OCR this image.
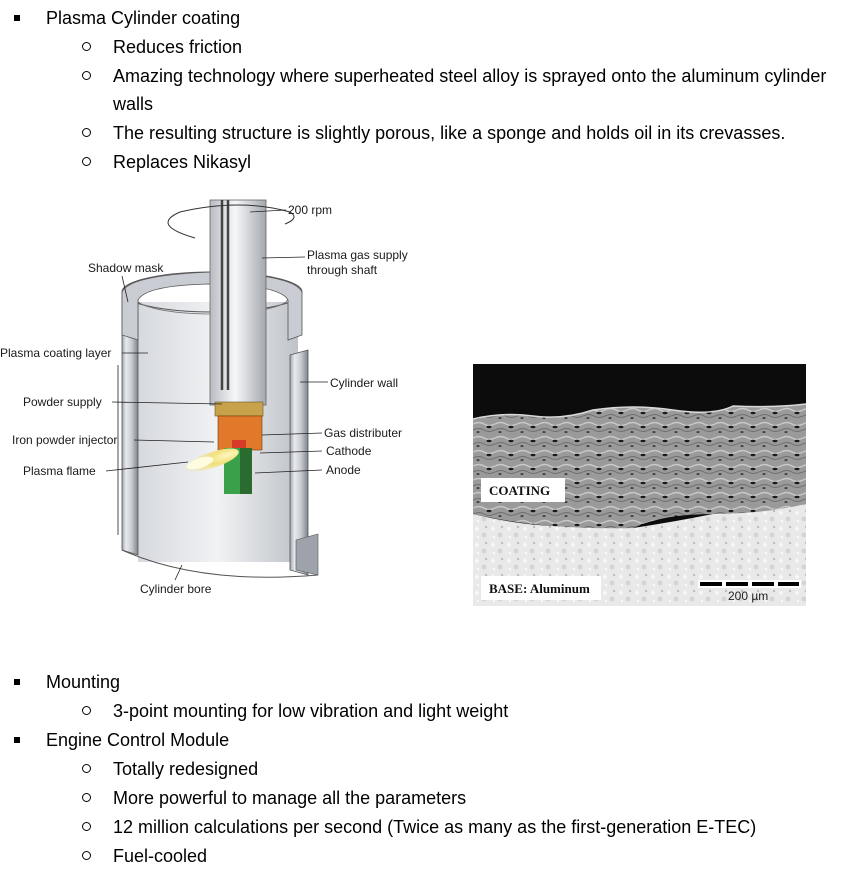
Plasma Cylinder coating
Reduces friction
Amazing technology where superheated steel alloy is sprayed onto the aluminum cylinder
walls
The resulting structure is slightly porous, like a sponge and holds oil in its crevasses.
Replaces Nikasyl
200 rpm
Plasma gas supply
through shaft
Shadow mask
Plasma coating layer
Cylinder wall
Powder supply
Gas distributer
Iron powder injector
Cathode
Plasma flame	Anode
Cylinder bore
COATING
BASE: Aluminum	200 µm
Mounting
3-point mounting for low vibration and light weight
Engine Control Module
Totally redesigned
More powerful to manage all the parameters
12 million calculations per second (Twice as many as the first-generation E-TEC)
Fuel-cooled
